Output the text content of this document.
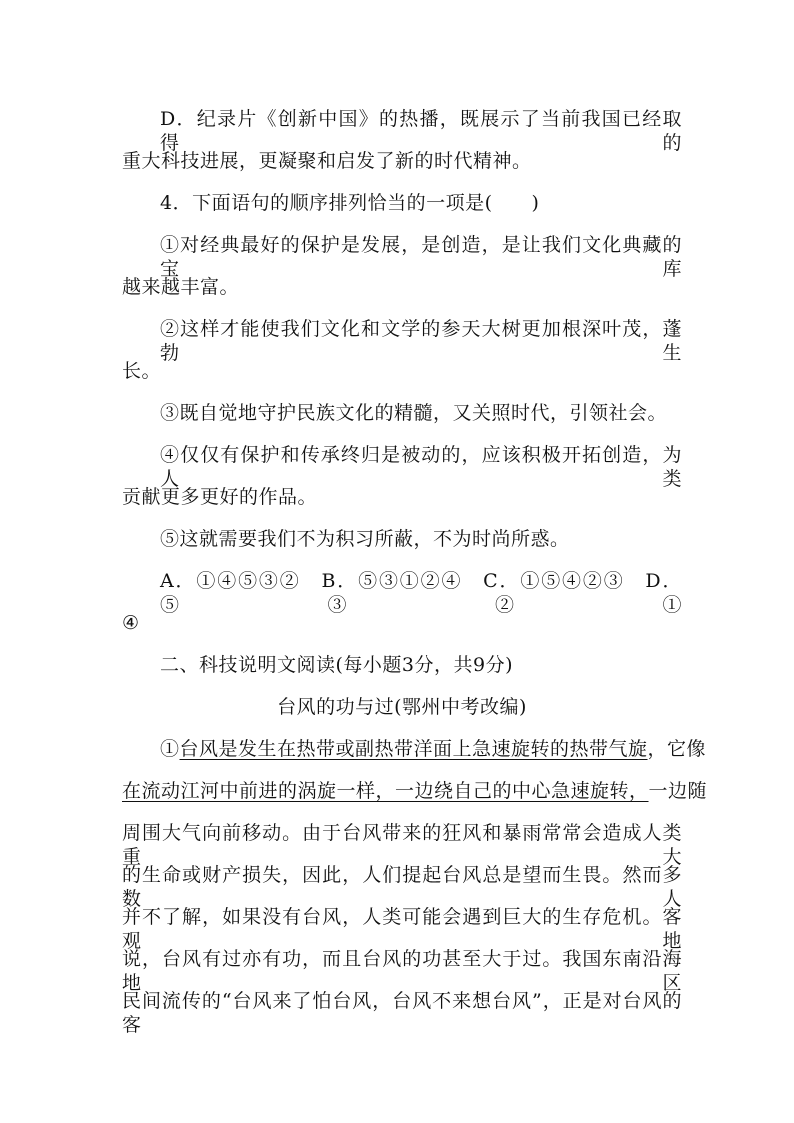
D．纪录片《创新中国》的热播，既展示了当前我国已经取得的
重大科技进展，更凝聚和启发了新的时代精神。
4．下面语句的顺序排列恰当的一项是(　　)
①对经典最好的保护是发展，是创造，是让我们文化典藏的宝库
越来越丰富。
②这样才能使我们文化和文学的参天大树更加根深叶茂，蓬勃生
长。
③既自觉地守护民族文化的精髓，又关照时代，引领社会。
④仅仅有保护和传承终归是被动的，应该积极开拓创造，为人类
贡献更多更好的作品。
⑤这就需要我们不为积习所蔽，不为时尚所惑。
A．①④⑤③②　B．⑤③①②④　C．①⑤④②③　D．⑤③②①
④
二、科技说明文阅读(每小题3分，共9分)
台风的功与过(鄂州中考改编)
①台风是发生在热带或副热带洋面上急速旋转的热带气旋，它像
在流动江河中前进的涡旋一样，一边绕自己的中心急速旋转，一边随
周围大气向前移动。由于台风带来的狂风和暴雨常常会造成人类重大
的生命或财产损失，因此，人们提起台风总是望而生畏。然而多数人
并不了解，如果没有台风，人类可能会遇到巨大的生存危机。客观地
说，台风有过亦有功，而且台风的功甚至大于过。我国东南沿海地区
民间流传的“台风来了怕台风，台风不来想台风”，正是对台风的客
